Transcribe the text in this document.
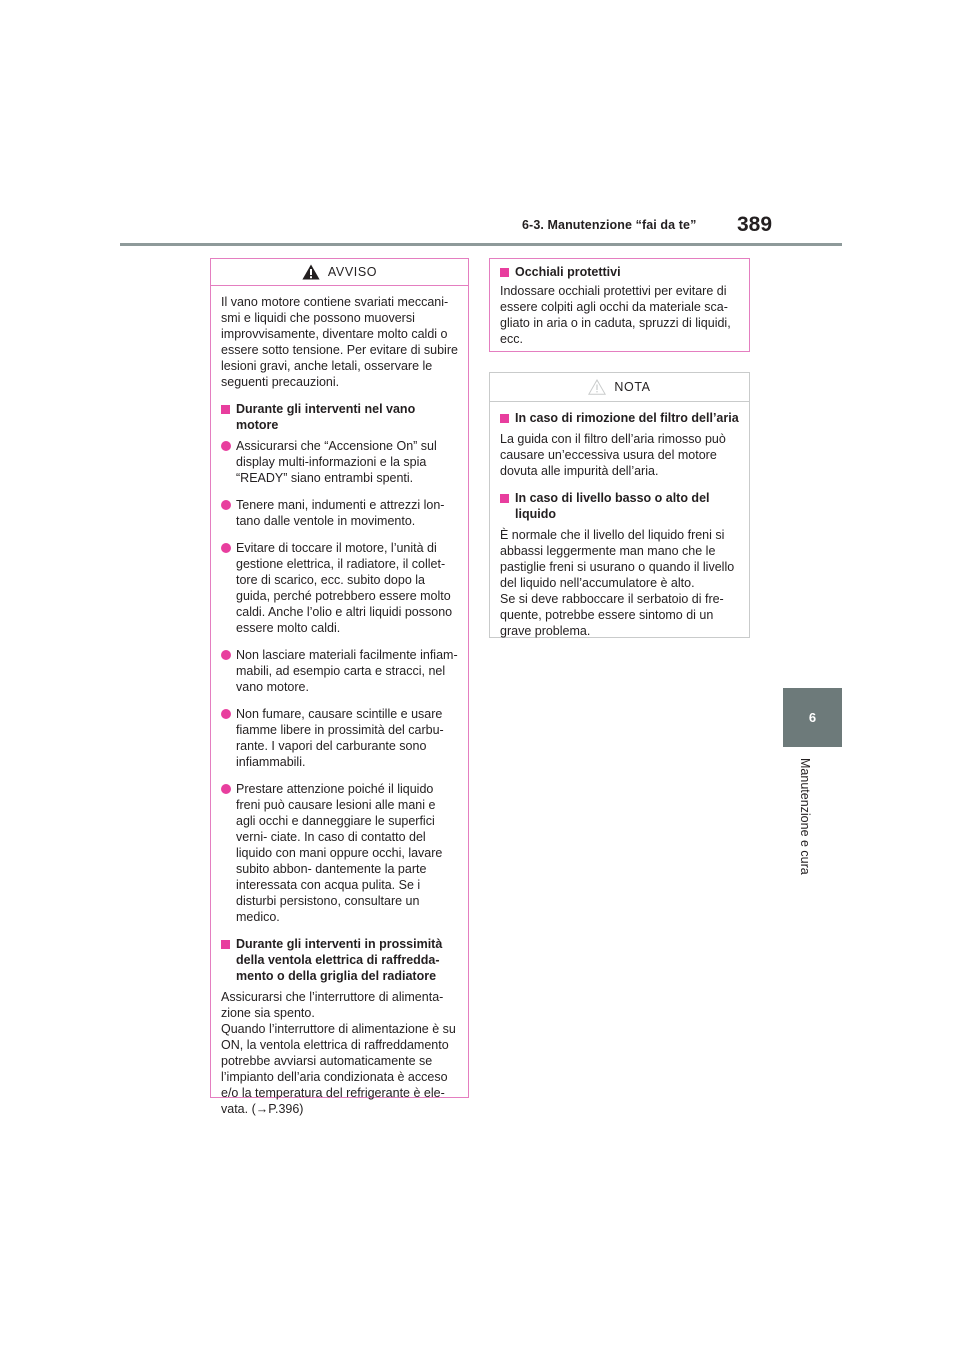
6-3. Manutenzione “fai da te” 389
6
Manutenzione e cura
AVVISO
Il vano motore contiene svariati meccani- smi e liquidi che possono muoversi improvvisamente, diventare molto caldi o essere sotto tensione. Per evitare di subire lesioni gravi, anche letali, osservare le seguenti precauzioni.
Durante gli interventi nel vano motore
Assicurarsi che “Accensione On” sul display multi-informazioni e la spia “READY” siano entrambi spenti.
Tenere mani, indumenti e attrezzi lon- tano dalle ventole in movimento.
Evitare di toccare il motore, l’unità di gestione elettrica, il radiatore, il collet- tore di scarico, ecc. subito dopo la guida, perché potrebbero essere molto caldi. Anche l’olio e altri liquidi possono essere molto caldi.
Non lasciare materiali facilmente infiam- mabili, ad esempio carta e stracci, nel vano motore.
Non fumare, causare scintille e usare fiamme libere in prossimità del carbu- rante. I vapori del carburante sono infiammabili.
Prestare attenzione poiché il liquido freni può causare lesioni alle mani e agli occhi e danneggiare le superfici verni- ciate. In caso di contatto del liquido con mani oppure occhi, lavare subito abbon- dantemente la parte interessata con acqua pulita. Se i disturbi persistono, consultare un medico.
Durante gli interventi in prossimità della ventola elettrica di raffredda- mento o della griglia del radiatore
Assicurarsi che l’interruttore di alimenta- zione sia spento.
Quando l’interruttore di alimentazione è su ON, la ventola elettrica di raffreddamento potrebbe avviarsi automaticamente se l’impianto dell’aria condizionata è acceso e/o la temperatura del refrigerante è ele- vata. (→P.396)
Occhiali protettivi
Indossare occhiali protettivi per evitare di essere colpiti agli occhi da materiale sca- gliato in aria o in caduta, spruzzi di liquidi, ecc.
NOTA
In caso di rimozione del filtro dell’aria
La guida con il filtro dell’aria rimosso può causare un’eccessiva usura del motore dovuta alle impurità dell’aria.
In caso di livello basso o alto del liquido
È normale che il livello del liquido freni si abbassi leggermente man mano che le pastiglie freni si usurano o quando il livello del liquido nell’accumulatore è alto.
Se si deve rabboccare il serbatoio di fre- quente, potrebbe essere sintomo di un grave problema.
